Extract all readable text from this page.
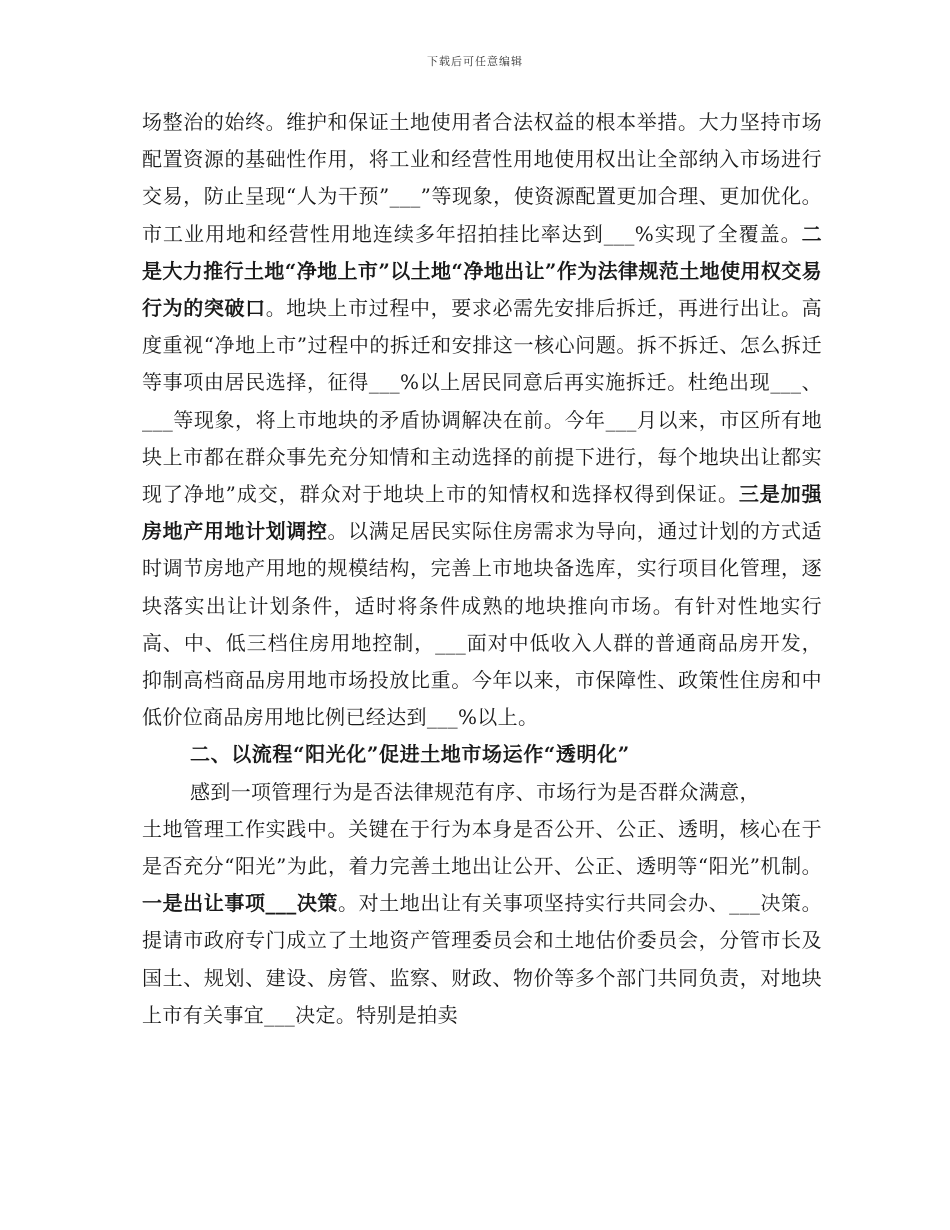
下载后可任意编辑

场整治的始终。维护和保证土地使用者合法权益的根本举措。大力坚持市场配置资源的基础性作用，将工业和经营性用地使用权出让全部纳入市场进行交易，防止呈现“人为干预”___”等现象，使资源配置更加合理、更加优化。市工业用地和经营性用地连续多年招拍挂比率达到___%实现了全覆盖。二是大力推行土地“净地上市”以土地“净地出让”作为法律规范土地使用权交易行为的突破口。地块上市过程中，要求必需先安排后拆迁，再进行出让。高度重视“净地上市”过程中的拆迁和安排这一核心问题。拆不拆迁、怎么拆迁等事项由居民选择，征得___%以上居民同意后再实施拆迁。杜绝出现___、___等现象，将上市地块的矛盾协调解决在前。今年___月以来，市区所有地块上市都在群众事先充分知情和主动选择的前提下进行，每个地块出让都实现了净地”成交，群众对于地块上市的知情权和选择权得到保证。三是加强房地产用地计划调控。以满足居民实际住房需求为导向，通过计划的方式适时调节房地产用地的规模结构，完善上市地块备选库，实行项目化管理，逐块落实出让计划条件，适时将条件成熟的地块推向市场。有针对性地实行高、中、低三档住房用地控制，___面对中低收入人群的普通商品房开发，抑制高档商品房用地市场投放比重。今年以来，市保障性、政策性住房和中低价位商品房用地比例已经达到___%以上。

二、以流程“阳光化”促进土地市场运作“透明化”

感到一项管理行为是否法律规范有序、市场行为是否群众满意，

土地管理工作实践中。关键在于行为本身是否公开、公正、透明，核心在于是否充分“阳光”为此，着力完善土地出让公开、公正、透明等“阳光”机制。一是出让事项___决策。对土地出让有关事项坚持实行共同会办、___决策。提请市政府专门成立了土地资产管理委员会和土地估价委员会，分管市长及国土、规划、建设、房管、监察、财政、物价等多个部门共同负责，对地块上市有关事宜___决定。特别是拍卖
